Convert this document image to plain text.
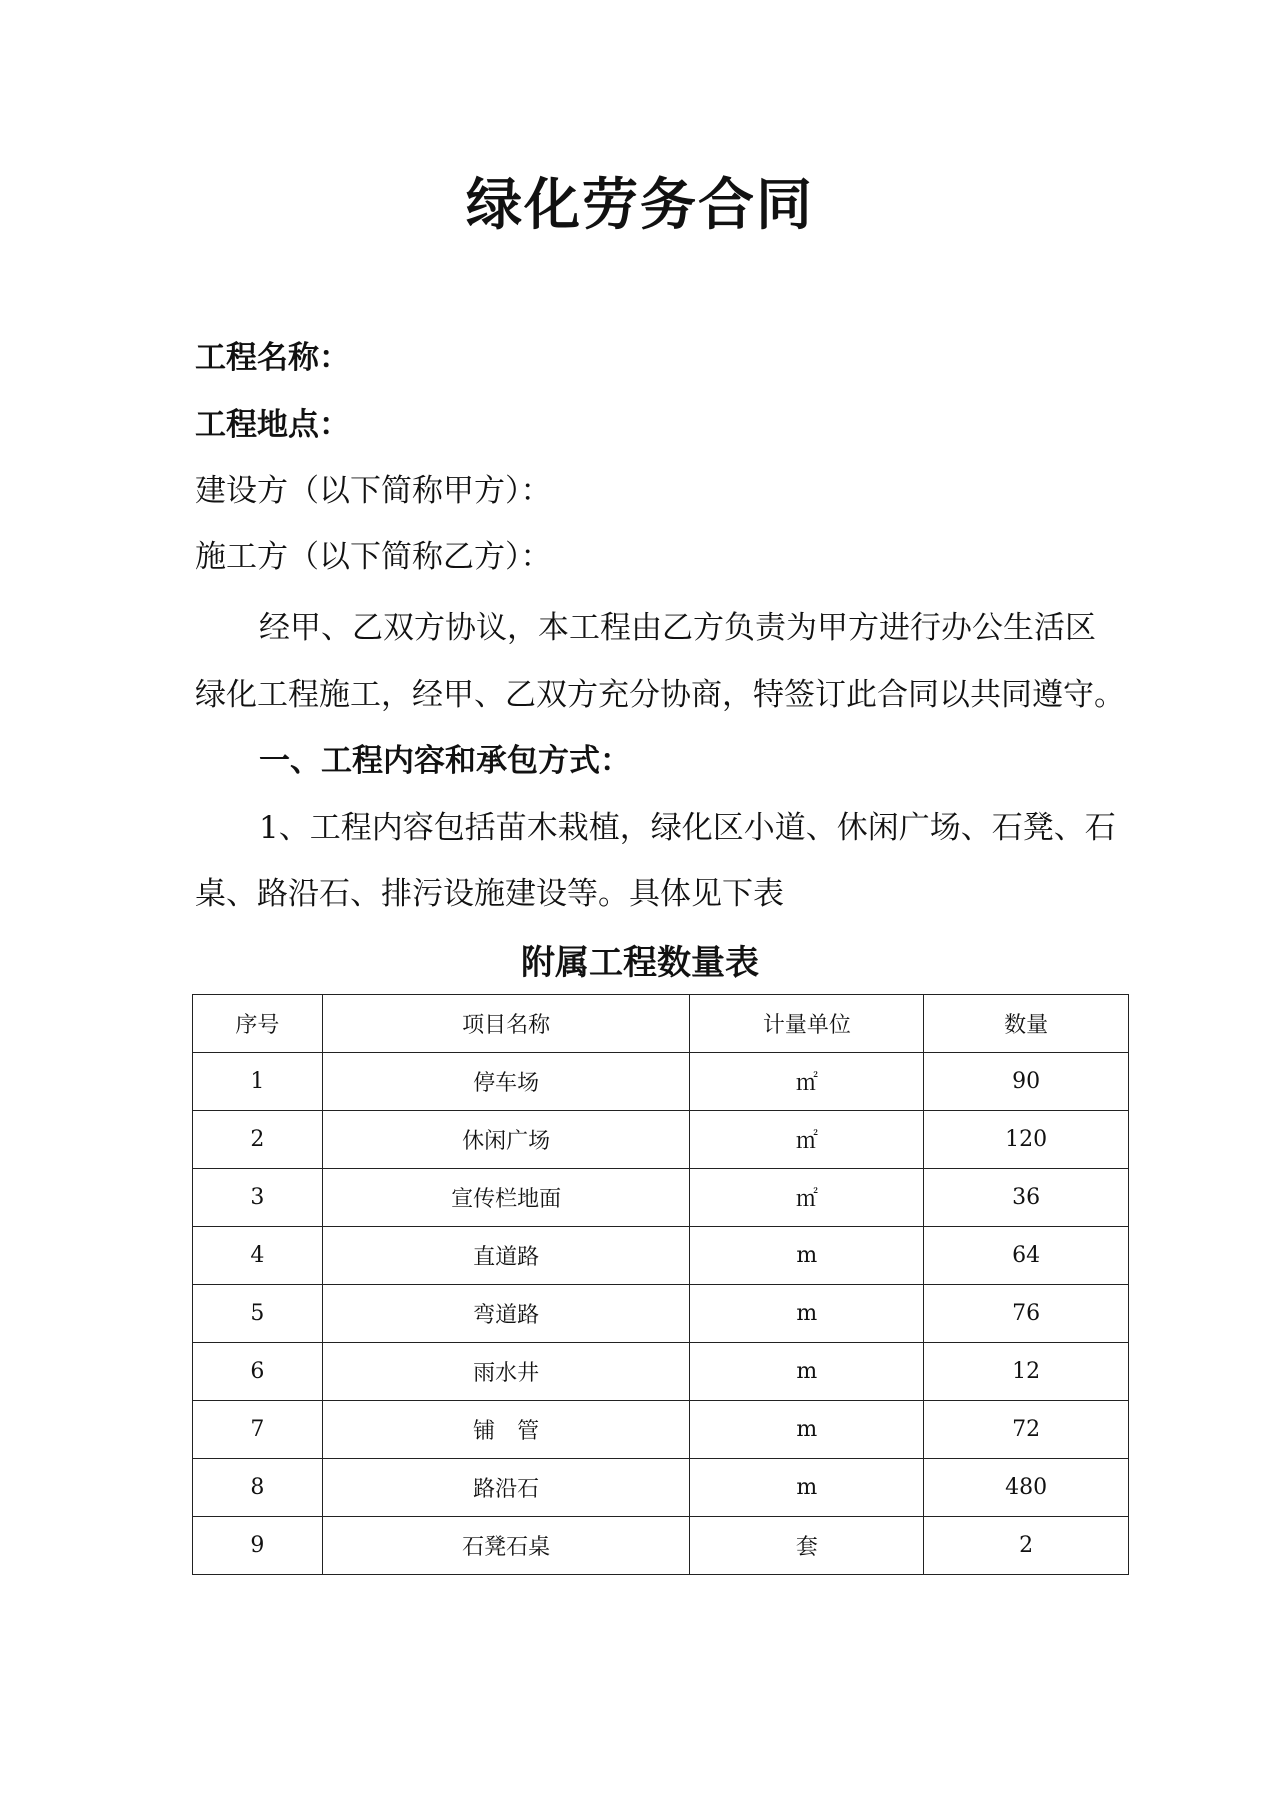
绿化劳务合同
工程名称：
工程地点：
建设方（以下简称甲方）：
施工方（以下简称乙方）：
经甲、乙双方协议，本工程由乙方负责为甲方进行办公生活区
绿化工程施工，经甲、乙双方充分协商，特签订此合同以共同遵守。
一、工程内容和承包方式：
1、工程内容包括苗木栽植，绿化区小道、休闲广场、石凳、石
桌、路沿石、排污设施建设等。具体见下表
附属工程数量表
序号	项目名称	计量单位	数量
1	停车场	㎡	90
2	休闲广场	㎡	120
3	宣传栏地面	㎡	36
4	直道路	m	64
5	弯道路	m	76
6	雨水井	m	12
7	铺　管	m	72
8	路沿石	m	480
9	石凳石桌	套	2
